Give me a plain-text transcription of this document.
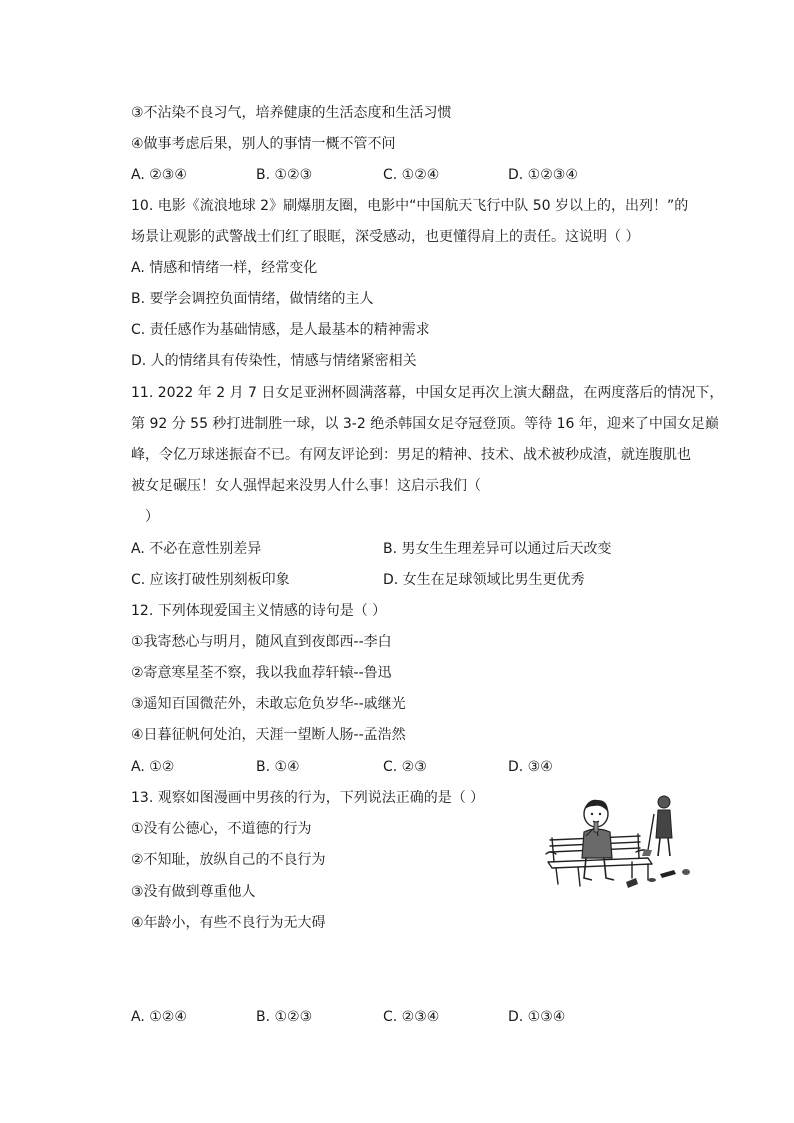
③不沾染不良习气，培养健康的生活态度和生活习惯
④做事考虑后果，别人的事情一概不管不问
A. ②③④	B. ①②③	C. ①②④	D. ①②③④
10. 电影《流浪地球 2》刷爆朋友圈，电影中“中国航天飞行中队 50 岁以上的，出列！”的
场景让观影的武警战士们红了眼眶，深受感动，也更懂得肩上的责任。这说明（ ）
A. 情感和情绪一样，经常变化
B. 要学会调控负面情绪，做情绪的主人
C. 责任感作为基础情感，是人最基本的精神需求
D. 人的情绪具有传染性，情感与情绪紧密相关
11. 2022 年 2 月 7 日女足亚洲杯圆满落幕，中国女足再次上演大翻盘，在两度落后的情况下，
第 92 分 55 秒打进制胜一球，以 3-2 绝杀韩国女足夺冠登顶。等待 16 年，迎来了中国女足巅
峰，令亿万球迷振奋不已。有网友评论到：男足的精神、技术、战术被秒成渣，就连腹肌也
被女足碾压！女人强悍起来没男人什么事！这启示我们（
）
A. 不必在意性别差异	B. 男女生生理差异可以通过后天改变
C. 应该打破性别刻板印象	D. 女生在足球领域比男生更优秀
12. 下列体现爱国主义情感的诗句是（ ）
①我寄愁心与明月，随风直到夜郎西--李白
②寄意寒星荃不察，我以我血荐轩辕--鲁迅
③遥知百国微茫外，未敢忘危负岁华--戚继光
④日暮征帆何处泊，天涯一望断人肠--孟浩然
A. ①②	B. ①④	C. ②③	D. ③④
13. 观察如图漫画中男孩的行为，下列说法正确的是（ ）
①没有公德心，不道德的行为
②不知耻，放纵自己的不良行为
③没有做到尊重他人
④年龄小，有些不良行为无大碍
A. ①②④	B. ①②③	C. ②③④	D. ①③④
